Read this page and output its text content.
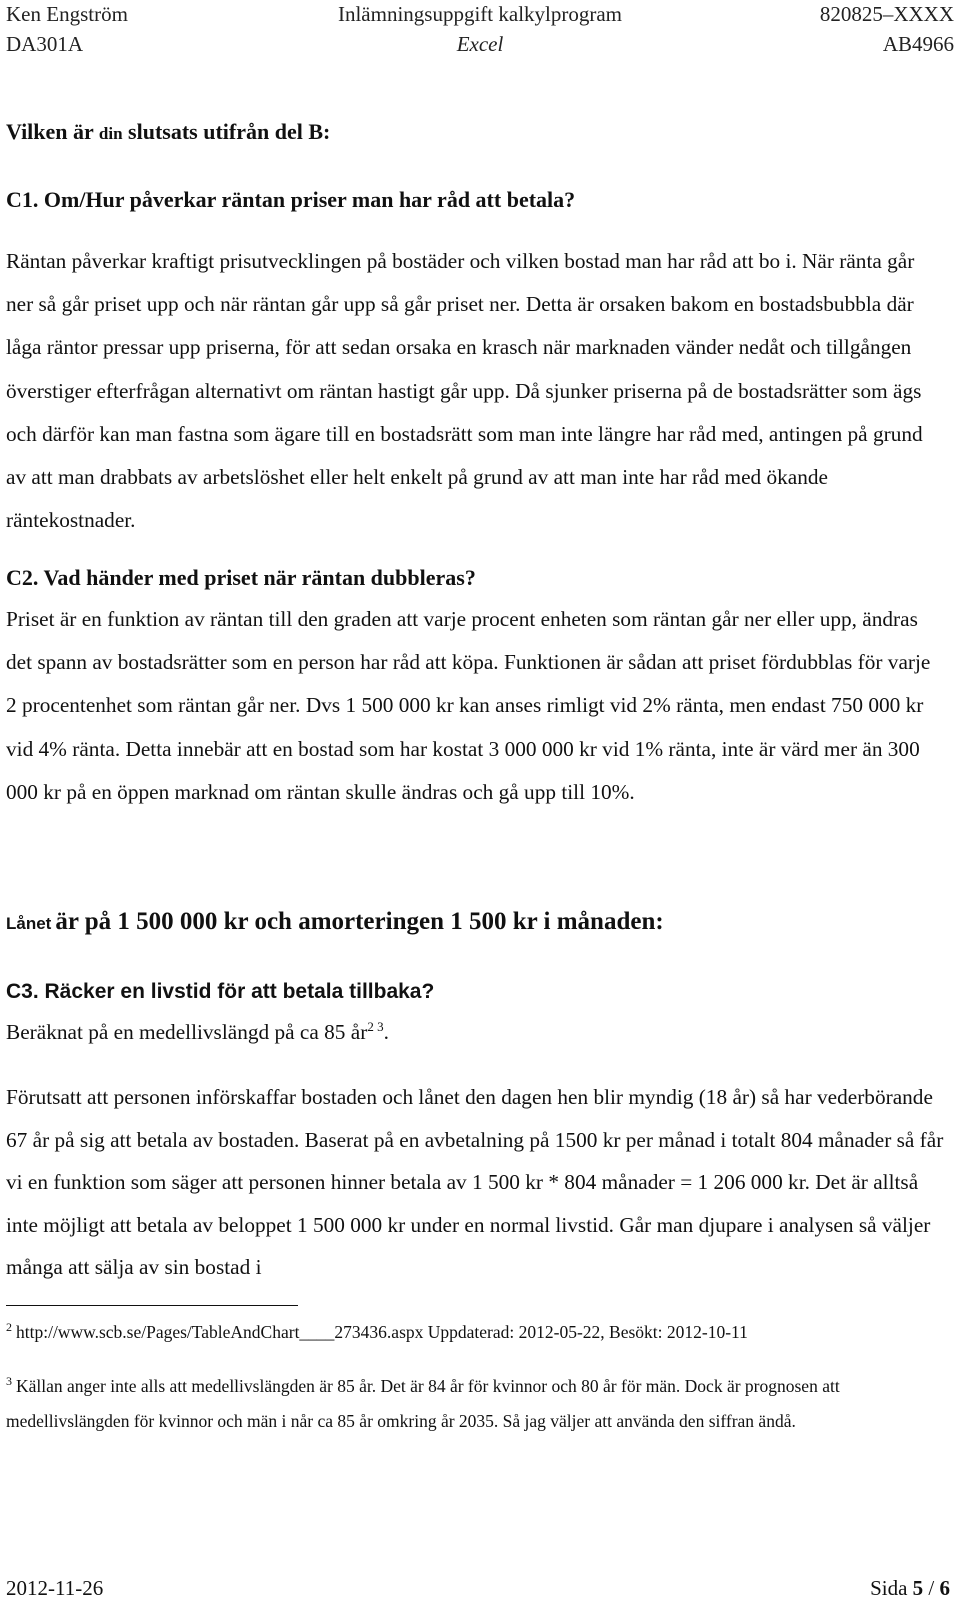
Ken Engström	Inlämningsuppgift kalkylprogram	820825–XXXX
DA301A	Excel	AB4966
Vilken är din slutsats utifrån del B:
C1. Om/Hur påverkar räntan priser man har råd att betala?
Räntan påverkar kraftigt prisutvecklingen på bostäder och vilken bostad man har råd att bo i. När ränta går ner så går priset upp och när räntan går upp så går priset ner. Detta är orsaken bakom en bostadsbubbla där låga räntor pressar upp priserna, för att sedan orsaka en krasch när marknaden vänder nedåt och tillgången överstiger efterfrågan alternativt om räntan hastigt går upp. Då sjunker priserna på de bostadsrätter som ägs och därför kan man fastna som ägare till en bostadsrätt som man inte längre har råd med, antingen på grund av att man drabbats av arbetslöshet eller helt enkelt på grund av att man inte har råd med ökande räntekostnader.
C2. Vad händer med priset när räntan dubbleras?
Priset är en funktion av räntan till den graden att varje procent enheten som räntan går ner eller upp, ändras det spann av bostadsrätter som en person har råd att köpa. Funktionen är sådan att priset fördubblas för varje 2 procentenhet som räntan går ner. Dvs 1 500 000 kr kan anses rimligt vid 2% ränta, men endast 750 000 kr vid 4% ränta. Detta innebär att en bostad som har kostat 3 000 000 kr vid 1% ränta, inte är värd mer än 300 000 kr på en öppen marknad om räntan skulle ändras och gå upp till 10%.
Lånet är på 1 500 000 kr och amorteringen 1 500 kr i månaden:
C3. Räcker en livstid för att betala tillbaka?
Beräknat på en medellivslängd på ca 85 $år^{2 3}$.
Förutsatt att personen införskaffar bostaden och lånet den dagen hen blir myndig (18 år) så har vederbörande 67 år på sig att betala av bostaden. Baserat på en avbetalning på 1500 kr per månad i totalt 804 månader så får vi en funktion som säger att personen hinner betala av 1 500 kr * 804 månader = 1 206 000 kr. Det är alltså inte möjligt att betala av beloppet 1 500 000 kr under en normal livstid. Går man djupare i analysen så väljer många att sälja av sin bostad i
$^2$ http://www.scb.se/Pages/TableAndChart____273436.aspx Uppdaterad: 2012-05-22, Besökt: 2012-10-11
$^3$ Källan anger inte alls att medellivslängden är 85 år. Det är 84 år för kvinnor och 80 år för män. Dock är prognosen att medellivslängden för kvinnor och män i når ca 85 år omkring år 2035. Så jag väljer att använda den siffran ändå.
2012-11-26	Sida 5 / 6
